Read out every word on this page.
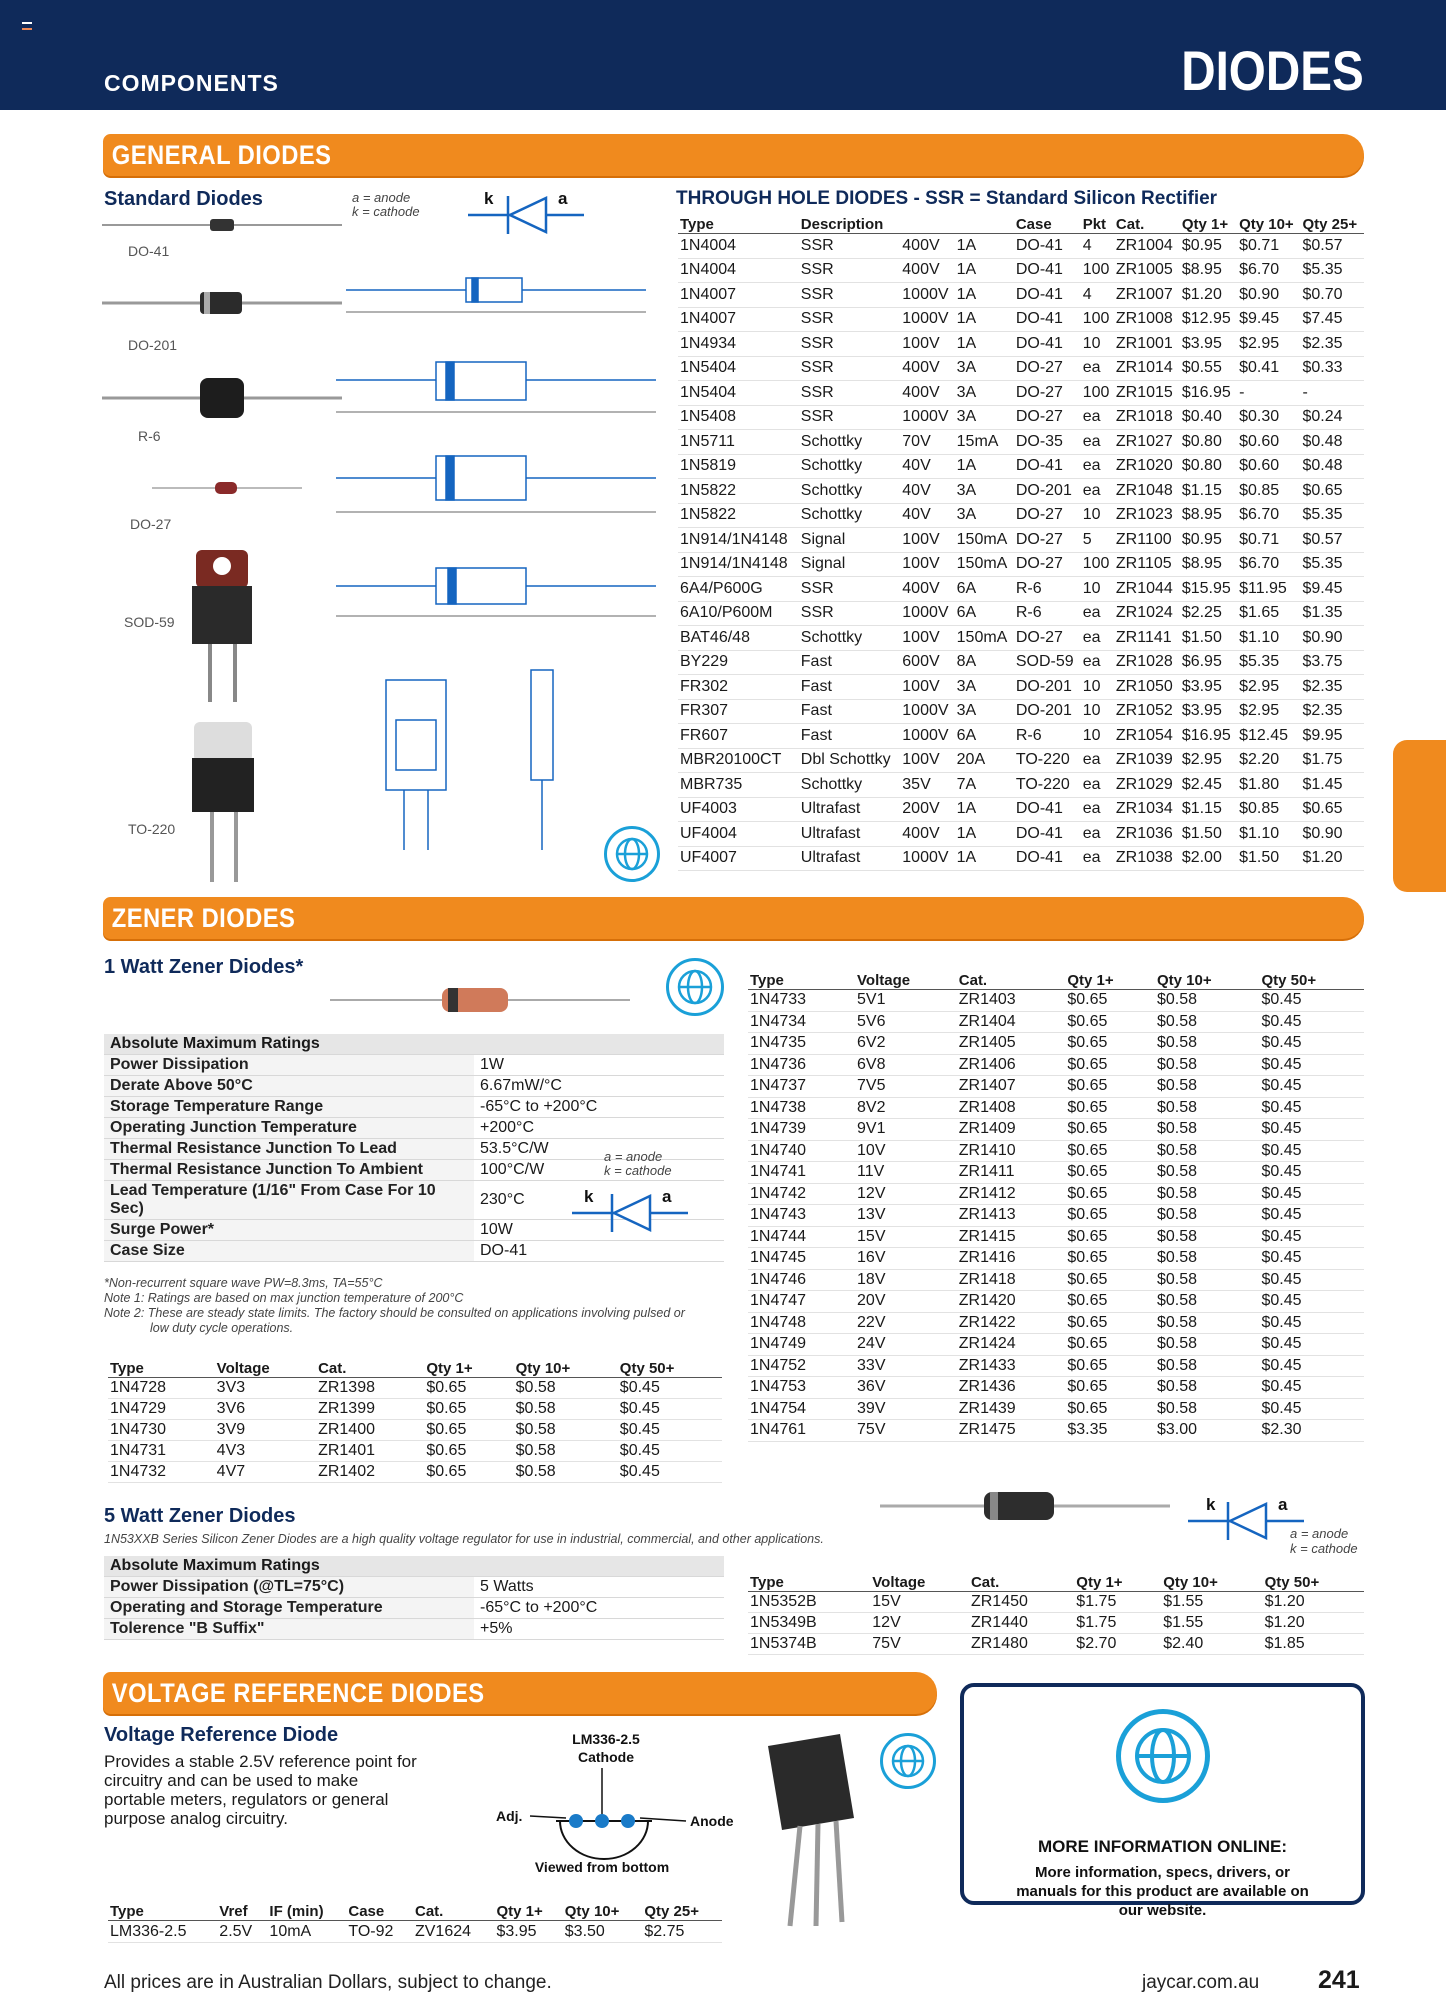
COMPONENTS	DIODES
GENERAL DIODES
Standard Diodes	a = anode
k = cathode
k	a
DO-41
DO-201
R-6
DO-27
SOD-59
TO-220
THROUGH HOLE DIODES - SSR = Standard Silicon Rectifier
Type	Description			Case	Pkt	Cat.	Qty 1+	Qty 10+	Qty 25+
1N4004	SSR	400V	1A	DO-41	4	ZR1004	$0.95	$0.71	$0.57
1N4004	SSR	400V	1A	DO-41	100	ZR1005	$8.95	$6.70	$5.35
1N4007	SSR	1000V	1A	DO-41	4	ZR1007	$1.20	$0.90	$0.70
1N4007	SSR	1000V	1A	DO-41	100	ZR1008	$12.95	$9.45	$7.45
1N4934	SSR	100V	1A	DO-41	10	ZR1001	$3.95	$2.95	$2.35
1N5404	SSR	400V	3A	DO-27	ea	ZR1014	$0.55	$0.41	$0.33
1N5404	SSR	400V	3A	DO-27	100	ZR1015	$16.95	-	-
1N5408	SSR	1000V	3A	DO-27	ea	ZR1018	$0.40	$0.30	$0.24
1N5711	Schottky	70V	15mA	DO-35	ea	ZR1027	$0.80	$0.60	$0.48
1N5819	Schottky	40V	1A	DO-41	ea	ZR1020	$0.80	$0.60	$0.48
1N5822	Schottky	40V	3A	DO-201	ea	ZR1048	$1.15	$0.85	$0.65
1N5822	Schottky	40V	3A	DO-27	10	ZR1023	$8.95	$6.70	$5.35
1N914/1N4148	Signal	100V	150mA	DO-27	5	ZR1100	$0.95	$0.71	$0.57
1N914/1N4148	Signal	100V	150mA	DO-27	100	ZR1105	$8.95	$6.70	$5.35
6A4/P600G	SSR	400V	6A	R-6	10	ZR1044	$15.95	$11.95	$9.45
6A10/P600M	SSR	1000V	6A	R-6	ea	ZR1024	$2.25	$1.65	$1.35
BAT46/48	Schottky	100V	150mA	DO-27	ea	ZR1141	$1.50	$1.10	$0.90
BY229	Fast	600V	8A	SOD-59	ea	ZR1028	$6.95	$5.35	$3.75
FR302	Fast	100V	3A	DO-201	10	ZR1050	$3.95	$2.95	$2.35
FR307	Fast	1000V	3A	DO-201	10	ZR1052	$3.95	$2.95	$2.35
FR607	Fast	1000V	6A	R-6	10	ZR1054	$16.95	$12.45	$9.95
MBR20100CT	Dbl Schottky	100V	20A	TO-220	ea	ZR1039	$2.95	$2.20	$1.75
MBR735	Schottky	35V	7A	TO-220	ea	ZR1029	$2.45	$1.80	$1.45
UF4003	Ultrafast	200V	1A	DO-41	ea	ZR1034	$1.15	$0.85	$0.65
UF4004	Ultrafast	400V	1A	DO-41	ea	ZR1036	$1.50	$1.10	$0.90
UF4007	Ultrafast	1000V	1A	DO-41	ea	ZR1038	$2.00	$1.50	$1.20
ZENER DIODES
1 Watt Zener Diodes*
Absolute Maximum Ratings	
Power Dissipation	1W
Derate Above 50°C	6.67mW/°C
Storage Temperature Range	-65°C to +200°C
Operating Junction Temperature	+200°C
Thermal Resistance Junction To Lead	53.5°C/W
Thermal Resistance Junction To Ambient	100°C/W
Lead Temperature (1/16" From Case For 10 Sec)	230°C
Surge Power*	10W
Case Size	DO-41
a = anode
k = cathode
k	a
*Non-recurrent square wave PW=8.3ms, TA=55°C
Note 1: Ratings are based on max junction temperature of 200°C
Note 2: These are steady state limits. The factory should be consulted on applications involving pulsed or
low duty cycle operations.
Type	Voltage	Cat.	Qty 1+	Qty 10+	Qty 50+
1N4728	3V3	ZR1398	$0.65	$0.58	$0.45
1N4729	3V6	ZR1399	$0.65	$0.58	$0.45
1N4730	3V9	ZR1400	$0.65	$0.58	$0.45
1N4731	4V3	ZR1401	$0.65	$0.58	$0.45
1N4732	4V7	ZR1402	$0.65	$0.58	$0.45
Type	Voltage	Cat.	Qty 1+	Qty 10+	Qty 50+
1N4733	5V1	ZR1403	$0.65	$0.58	$0.45
1N4734	5V6	ZR1404	$0.65	$0.58	$0.45
1N4735	6V2	ZR1405	$0.65	$0.58	$0.45
1N4736	6V8	ZR1406	$0.65	$0.58	$0.45
1N4737	7V5	ZR1407	$0.65	$0.58	$0.45
1N4738	8V2	ZR1408	$0.65	$0.58	$0.45
1N4739	9V1	ZR1409	$0.65	$0.58	$0.45
1N4740	10V	ZR1410	$0.65	$0.58	$0.45
1N4741	11V	ZR1411	$0.65	$0.58	$0.45
1N4742	12V	ZR1412	$0.65	$0.58	$0.45
1N4743	13V	ZR1413	$0.65	$0.58	$0.45
1N4744	15V	ZR1415	$0.65	$0.58	$0.45
1N4745	16V	ZR1416	$0.65	$0.58	$0.45
1N4746	18V	ZR1418	$0.65	$0.58	$0.45
1N4747	20V	ZR1420	$0.65	$0.58	$0.45
1N4748	22V	ZR1422	$0.65	$0.58	$0.45
1N4749	24V	ZR1424	$0.65	$0.58	$0.45
1N4752	33V	ZR1433	$0.65	$0.58	$0.45
1N4753	36V	ZR1436	$0.65	$0.58	$0.45
1N4754	39V	ZR1439	$0.65	$0.58	$0.45
1N4761	75V	ZR1475	$3.35	$3.00	$2.30
5 Watt Zener Diodes
1N53XXB Series Silicon Zener Diodes are a high quality voltage regulator for use in industrial, commercial, and other applications.
k	a
a = anode
k = cathode
Absolute Maximum Ratings	
Power Dissipation (@TL=75°C)	5 Watts
Operating and Storage Temperature	-65°C to +200°C
Tolerence "B Suffix"	+5%
Type	Voltage	Cat.	Qty 1+	Qty 10+	Qty 50+
1N5352B	15V	ZR1450	$1.75	$1.55	$1.20
1N5349B	12V	ZR1440	$1.75	$1.55	$1.20
1N5374B	75V	ZR1480	$2.70	$2.40	$1.85
VOLTAGE REFERENCE DIODES
Voltage Reference Diode
Provides a stable 2.5V reference point for circuitry and can be used to make portable meters, regulators or general purpose analog circuitry.
LM336-2.5
Cathode
Adj.	Anode
Viewed from bottom
Type	Vref	IF (min)	Case	Cat.	Qty 1+	Qty 10+	Qty 25+
LM336-2.5	2.5V	10mA	TO-92	ZV1624	$3.95	$3.50	$2.75
MORE INFORMATION ONLINE:
More information, specs, drivers, or manuals for this product are available on our website.
All prices are in Australian Dollars, subject to change.	jaycar.com.au 241
